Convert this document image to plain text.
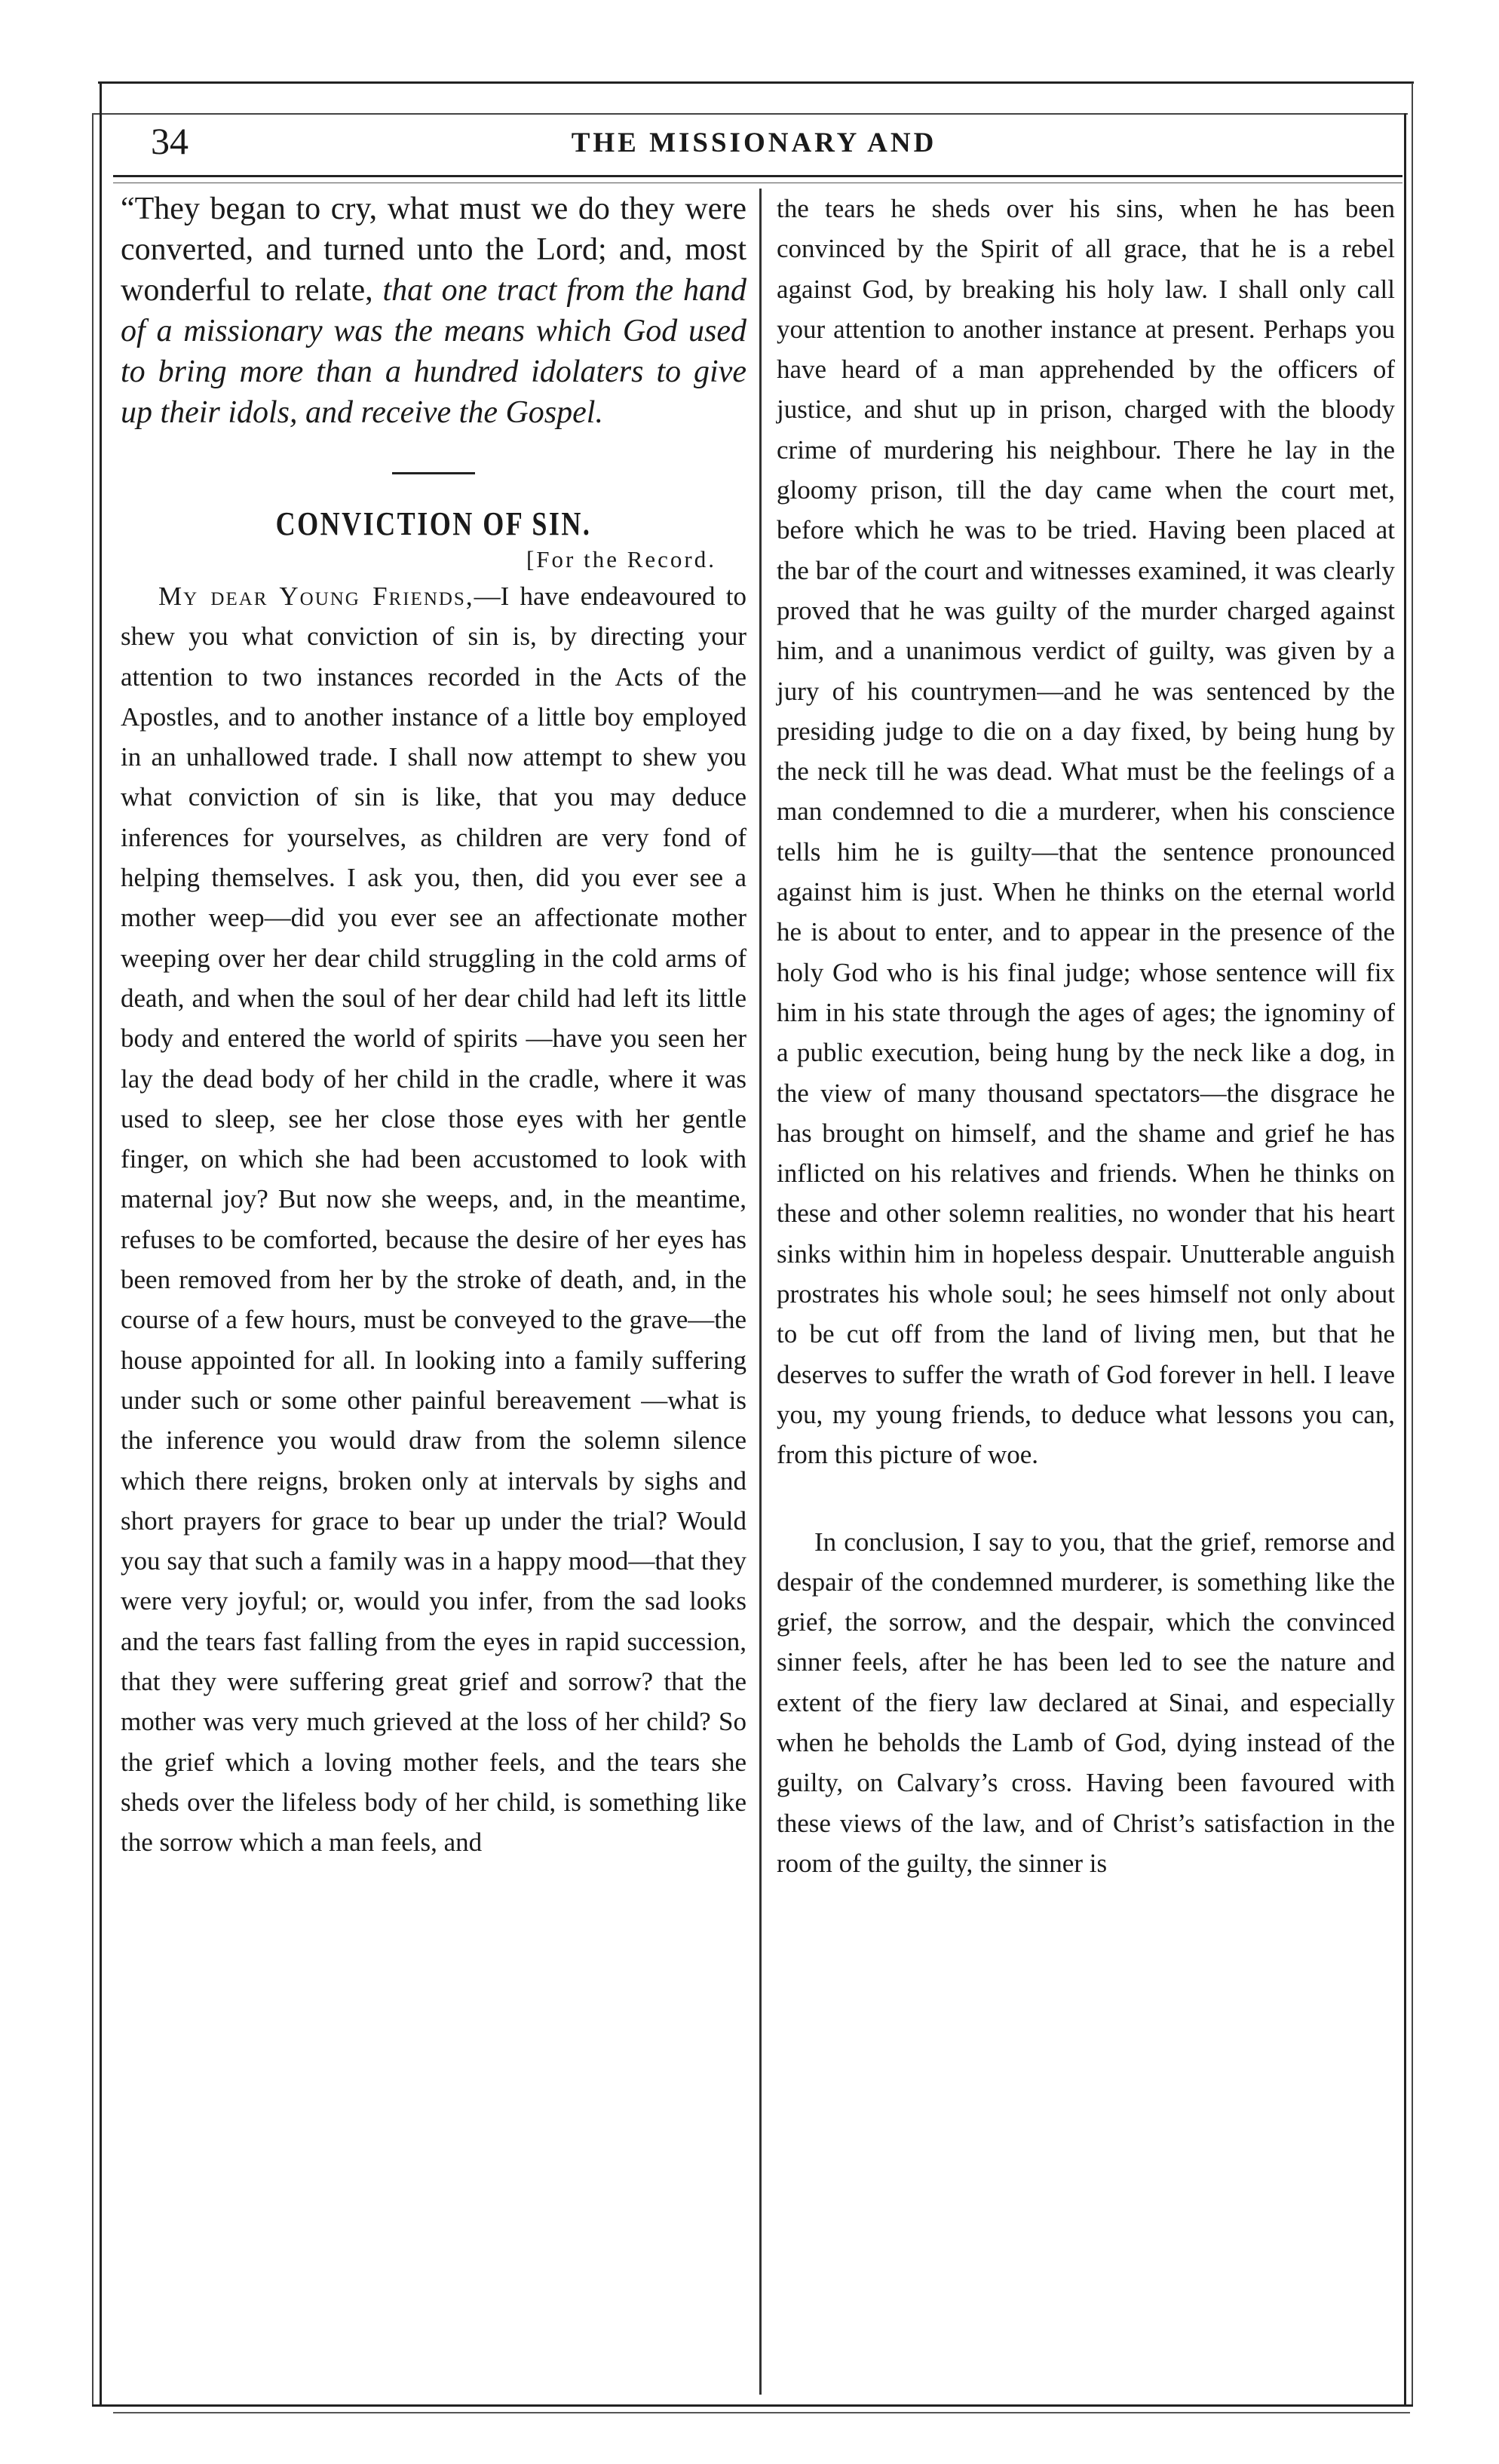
34	THE MISSIONARY AND

“They began to cry, what must we do they were converted, and turned unto the Lord; and, most wonderful to relate, that one tract from the hand of a missionary was the means which God used to bring more than a hundred idolaters to give up their idols, and receive the Gospel.

CONVICTION OF SIN.
[For the Record.

My dear Young Friends,—I have endeavoured to shew you what conviction of sin is, by directing your attention to two instances recorded in the Acts of the Apostles, and to another instance of a little boy employed in an unhallowed trade. I shall now attempt to shew you what conviction of sin is like, that you may deduce inferences for yourselves, as children are very fond of helping themselves. I ask you, then, did you ever see a mother weep—did you ever see an affectionate mother weeping over her dear child struggling in the cold arms of death, and when the soul of her dear child had left its little body and entered the world of spirits —have you seen her lay the dead body of her child in the cradle, where it was used to sleep, see her close those eyes with her gentle finger, on which she had been accustomed to look with maternal joy? But now she weeps, and, in the meantime, refuses to be comforted, because the desire of her eyes has been removed from her by the stroke of death, and, in the course of a few hours, must be conveyed to the grave—the house appointed for all. In looking into a family suffering under such or some other painful bereavement —what is the inference you would draw from the solemn silence which there reigns, broken only at intervals by sighs and short prayers for grace to bear up under the trial? Would you say that such a family was in a happy mood—that they were very joyful; or, would you infer, from the sad looks and the tears fast falling from the eyes in rapid succession, that they were suffering great grief and sorrow? that the mother was very much grieved at the loss of her child? So the grief which a loving mother feels, and the tears she sheds over the lifeless body of her child, is something like the sorrow which a man feels, and

the tears he sheds over his sins, when he has been convinced by the Spirit of all grace, that he is a rebel against God, by breaking his holy law. I shall only call your attention to another instance at present. Perhaps you have heard of a man apprehended by the officers of justice, and shut up in prison, charged with the bloody crime of murdering his neighbour. There he lay in the gloomy prison, till the day came when the court met, before which he was to be tried. Having been placed at the bar of the court and witnesses examined, it was clearly proved that he was guilty of the murder charged against him, and a unanimous verdict of guilty, was given by a jury of his countrymen—and he was sentenced by the presiding judge to die on a day fixed, by being hung by the neck till he was dead. What must be the feelings of a man condemned to die a murderer, when his conscience tells him he is guilty—that the sentence pronounced against him is just. When he thinks on the eternal world he is about to enter, and to appear in the presence of the holy God who is his final judge; whose sentence will fix him in his state through the ages of ages; the ignominy of a public execution, being hung by the neck like a dog, in the view of many thousand spectators—the disgrace he has brought on himself, and the shame and grief he has inflicted on his relatives and friends. When he thinks on these and other solemn realities, no wonder that his heart sinks within him in hopeless despair. Unutterable anguish prostrates his whole soul; he sees himself not only about to be cut off from the land of living men, but that he deserves to suffer the wrath of God forever in hell. I leave you, my young friends, to deduce what lessons you can, from this picture of woe.

In conclusion, I say to you, that the grief, remorse and despair of the condemned murderer, is something like the grief, the sorrow, and the despair, which the convinced sinner feels, after he has been led to see the nature and extent of the fiery law declared at Sinai, and especially when he beholds the Lamb of God, dying instead of the guilty, on Calvary’s cross. Having been favoured with these views of the law, and of Christ’s satisfaction in the room of the guilty, the sinner is
